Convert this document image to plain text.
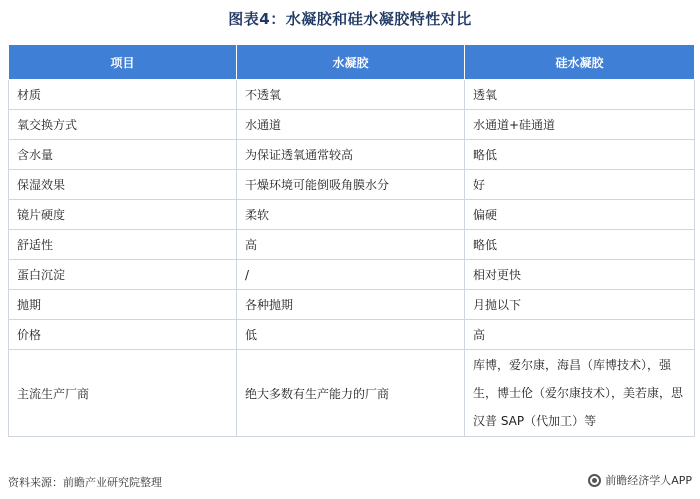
图表4：水凝胶和硅水凝胶特性对比
项目	水凝胶	硅水凝胶
材质	不透氧	透氧
氧交换方式	水通道	水通道+硅通道
含水量	为保证透氧通常较高	略低
保湿效果	干燥环境可能倒吸角膜水分	好
镜片硬度	柔软	偏硬
舒适性	高	略低
蛋白沉淀	/	相对更快
抛期	各种抛期	月抛以下
价格	低	高
主流生产厂商	绝大多数有生产能力的厂商	库博，爱尔康，海昌（库博技术），强生，博士伦（爱尔康技术），美若康，思汉普 SAP（代加工）等
资料来源：前瞻产业研究院整理	前瞻经济学人APP
